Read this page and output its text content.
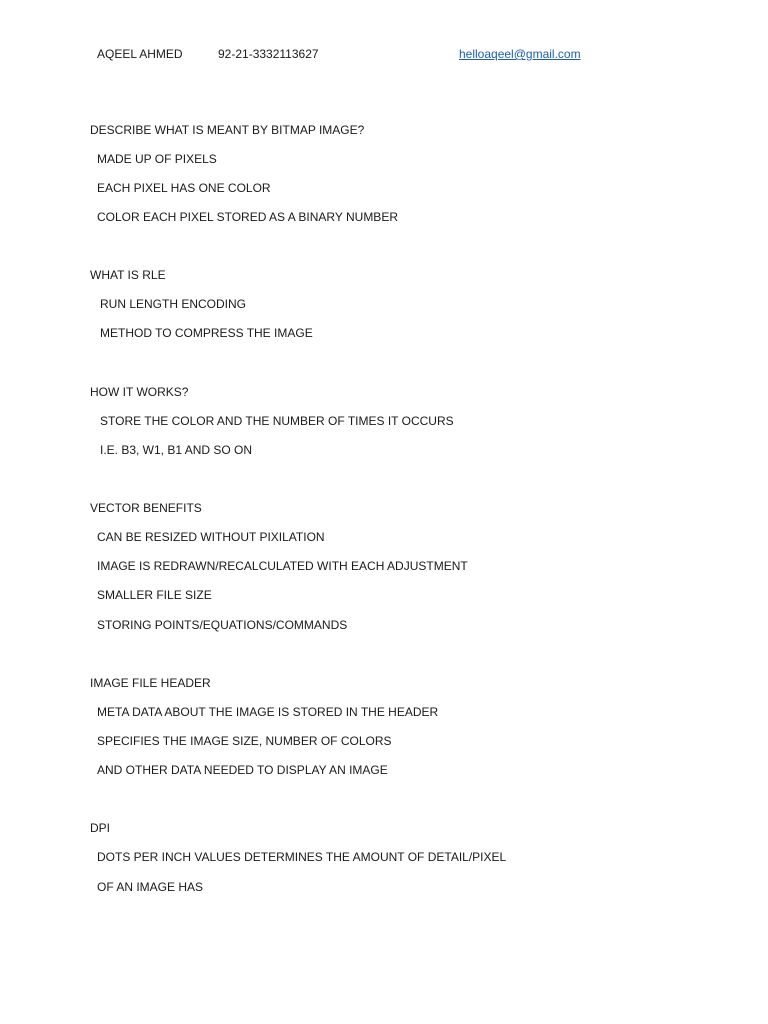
AQEEL AHMED	92-21-3332113627	helloaqeel@gmail.com
DESCRIBE WHAT IS MEANT BY BITMAP IMAGE?
MADE UP OF PIXELS
EACH PIXEL HAS ONE COLOR
COLOR EACH PIXEL STORED AS A BINARY NUMBER
WHAT IS RLE
RUN LENGTH ENCODING
METHOD TO COMPRESS THE IMAGE
HOW IT WORKS?
STORE THE COLOR AND THE NUMBER OF TIMES IT OCCURS
I.E. B3, W1, B1 AND SO ON
VECTOR BENEFITS
CAN BE RESIZED WITHOUT PIXILATION
IMAGE IS REDRAWN/RECALCULATED WITH EACH ADJUSTMENT
SMALLER FILE SIZE
STORING POINTS/EQUATIONS/COMMANDS
IMAGE FILE HEADER
META DATA ABOUT THE IMAGE IS STORED IN THE HEADER
SPECIFIES THE IMAGE SIZE, NUMBER OF COLORS
AND OTHER DATA NEEDED TO DISPLAY AN IMAGE
DPI
DOTS PER INCH VALUES DETERMINES THE AMOUNT OF DETAIL/PIXEL
OF AN IMAGE HAS
